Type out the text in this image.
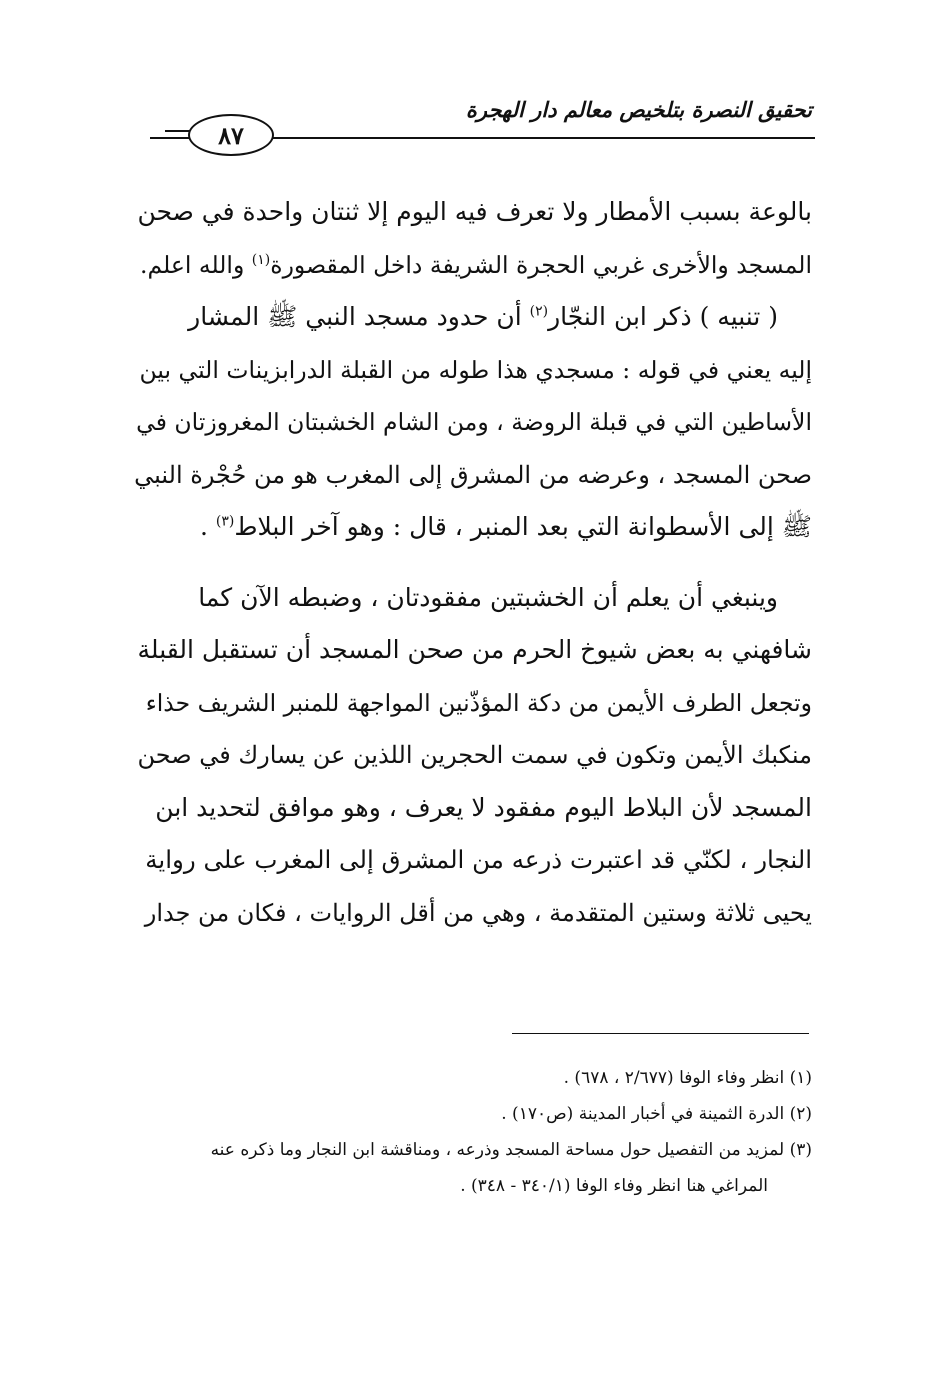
تحقيق النصرة بتلخيص معالم دار الهجرة
٨٧
بالوعة بسبب الأمطار ولا تعرف فيه اليوم إلا ثنتان واحدة في صحن
المسجد والأخرى غربي الحجرة الشريفة داخل المقصورة$^{(١)}$ والله اعلم.
( تنبيه ) ذكر ابن النجّار$^{(٢)}$ أن حدود مسجد النبي ﷺ المشار
إليه يعني في قوله : مسجدي هذا طوله من القبلة الدرابزينات التي بين
الأساطين التي في قبلة الروضة ، ومن الشام الخشبتان المغروزتان في
صحن المسجد ، وعرضه من المشرق إلى المغرب هو من حُجْرة النبي
ﷺ إلى الأسطوانة التي بعد المنبر ، قال : وهو آخر البلاط$^{(٣)}$ .
وينبغي أن يعلم أن الخشبتين مفقودتان ، وضبطه الآن كما
شافهني به بعض شيوخ الحرم من صحن المسجد أن تستقبل القبلة
وتجعل الطرف الأيمن من دكة المؤذّنين المواجهة للمنبر الشريف حذاء
منكبك الأيمن وتكون في سمت الحجرين اللذين عن يسارك في صحن
المسجد لأن البلاط اليوم مفقود لا يعرف ، وهو موافق لتحديد ابن
النجار ، لكنّي قد اعتبرت ذرعه من المشرق إلى المغرب على رواية
يحيى ثلاثة وستين المتقدمة ، وهي من أقل الروايات ، فكان من جدار
(١) انظر وفاء الوفا (٢/٦٧٧ ، ٦٧٨) .
(٢) الدرة الثمينة في أخبار المدينة (ص١٧٠) .
(٣) لمزيد من التفصيل حول مساحة المسجد وذرعه ، ومناقشة ابن النجار وما ذكره عنه
المراغي هنا انظر وفاء الوفا (٣٤٠/١ - ٣٤٨) .
